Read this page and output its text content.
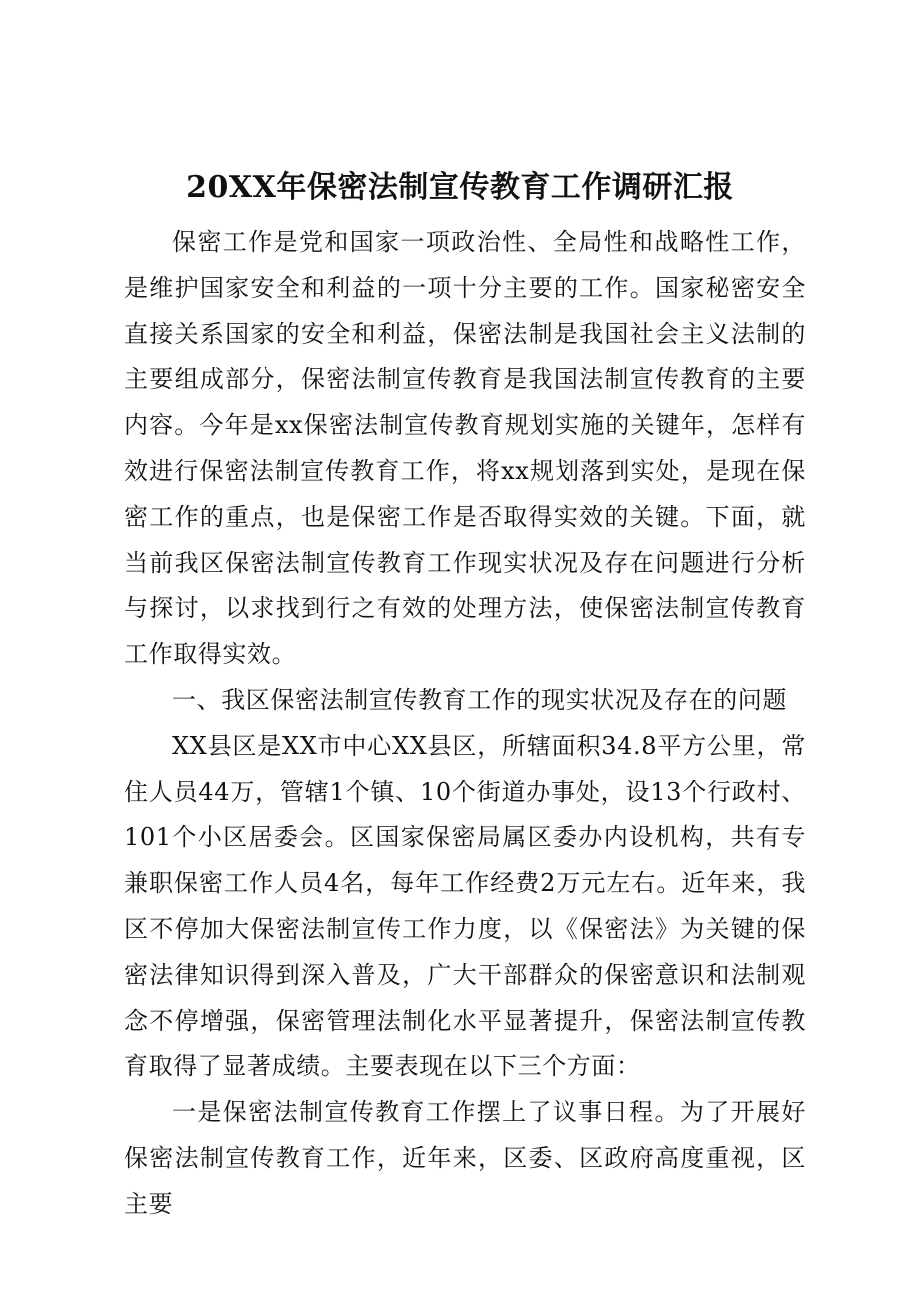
20XX年保密法制宣传教育工作调研汇报

保密工作是党和国家一项政治性、全局性和战略性工作，是维护国家安全和利益的一项十分主要的工作。国家秘密安全直接关系国家的安全和利益，保密法制是我国社会主义法制的主要组成部分，保密法制宣传教育是我国法制宣传教育的主要内容。今年是xx保密法制宣传教育规划实施的关键年，怎样有效进行保密法制宣传教育工作，将xx规划落到实处，是现在保密工作的重点，也是保密工作是否取得实效的关键。下面，就当前我区保密法制宣传教育工作现实状况及存在问题进行分析与探讨，以求找到行之有效的处理方法，使保密法制宣传教育工作取得实效。

一、我区保密法制宣传教育工作的现实状况及存在的问题

XX县区是XX市中心XX县区，所辖面积34.8平方公里，常住人员44万，管辖1个镇、10个街道办事处，设13个行政村、101个小区居委会。区国家保密局属区委办内设机构，共有专兼职保密工作人员4名，每年工作经费2万元左右。近年来，我区不停加大保密法制宣传工作力度，以《保密法》为关键的保密法律知识得到深入普及，广大干部群众的保密意识和法制观念不停增强，保密管理法制化水平显著提升，保密法制宣传教育取得了显著成绩。主要表现在以下三个方面：

一是保密法制宣传教育工作摆上了议事日程。为了开展好保密法制宣传教育工作，近年来，区委、区政府高度重视，区主要
